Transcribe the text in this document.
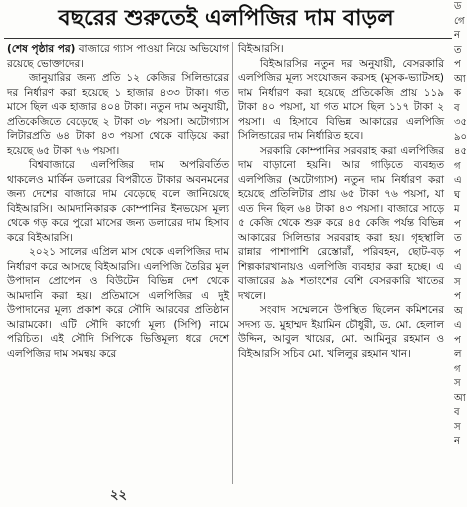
বছরের শুরুতেই এলপিজির দাম বাড়ল

(শেষ পৃষ্ঠার পর) বাজারে গ্যাস পাওয়া নিয়ে অভিযোগ রয়েছে ভোক্তাদের।

জানুয়ারির জন্য প্রতি ১২ কেজির সিলিন্ডারের দর নির্ধারণ করা হয়েছে ১ হাজার ৪৩৩ টাকা। গত মাসে ছিল এক হাজার ৪০৪ টাকা। নতুন দাম অনুযায়ী, প্রতিকেজিতে বেড়েছে ২ টাকা ৩৮ পয়সা। অটোগ্যাস লিটারপ্রতি ৬৪ টাকা ৪৩ পয়সা থেকে বাড়িয়ে করা হয়েছে ৬৫ টাকা ৭৬ পয়সা।

বিশ্ববাজারে এলপিজির দাম অপরিবর্তিত থাকলেও মার্কিন ডলারের বিপরীতে টাকার অবনমনের জন্য দেশের বাজারে দাম বেড়েছে বলে জানিয়েছে বিইআরসি। আমদানিকারক কোম্পানির ইনভয়েস মূল্য থেকে গড় করে পুরো মাসের জন্য ডলারের দাম হিসাব করে বিইআরসি।

২০২১ সালের এপ্রিল মাস থেকে এলপিজির দাম নির্ধারণ করে আসছে বিইআরসি। এলপিজি তৈরির মূল উপাদান প্রোপেন ও বিউটেন বিভিন্ন দেশ থেকে আমদানি করা হয়। প্রতিমাসে এলপিজির এ দুই উপাদানের মূল্য প্রকাশ করে সৌদি আরবের প্রতিষ্ঠান আরামকো। এটি সৌদি কার্গো মূল্য (সিপি) নামে পরিচিত। এই সৌদি সিপিকে ভিত্তিমূল্য ধরে দেশে এলপিজির দাম সমন্বয় করে

বিইআরসি।

বিইআরসির নতুন দর অনুযায়ী, বেসরকারি এলপিজির মূল্য সংযোজন করসহ (মূসক-ভ্যাটসহ) দাম নির্ধারণ করা হয়েছে প্রতিকেজি প্রায় ১১৯ টাকা ৪০ পয়সা, যা গত মাসে ছিল ১১৭ টাকা ২ পয়সা। এ হিসাবে বিভিন্ন আকারের এলপিজি সিলিন্ডারের দাম নির্ধারিত হবে।

সরকারি কোম্পানির সরবরাহ করা এলপিজির দাম বাড়ানো হয়নি। আর গাড়িতে ব্যবহৃত এলপিজির (অটোগ্যাস) নতুন দাম নির্ধারণ করা হয়েছে প্রতিলিটার প্রায় ৬৫ টাকা ৭৬ পয়সা, যা এত দিন ছিল ৬৪ টাকা ৪৩ পয়সা। বাজারে সাড়ে ৫ কেজি থেকে শুরু করে ৪৫ কেজি পর্যন্ত বিভিন্ন আকারের সিলিন্ডার সরবরাহ করা হয়। গৃহস্থালি রান্নার পাশাপাশি রেস্তোরাঁ, পরিবহন, ছোট-বড় শিল্পকারখানায়ও এলপিজি ব্যবহার করা হচ্ছে। এ বাজারের ৯৯ শতাংশের বেশি বেসরকারি খাতের দখলে।

সংবাদ সম্মেলনে উপস্থিত ছিলেন কমিশনের সদস্য ড. মুহাম্মদ ইয়ামিন চৌধুরী, ড. মো. হেলাল উদ্দিন, আবুল খায়ের, মো. আমিনুর রহমান ও বিইআরসি সচিব মো. খলিলুর রহমান খান।

ড
গে
ন
ত
প
আ
ক
ব
৩৫
৯০
৪৫
গ
এ
ঘ
ম
প
ত
প
এ
স
প
অ
এ
প
ল
গ
স
আ
ব
স
ন
২২
